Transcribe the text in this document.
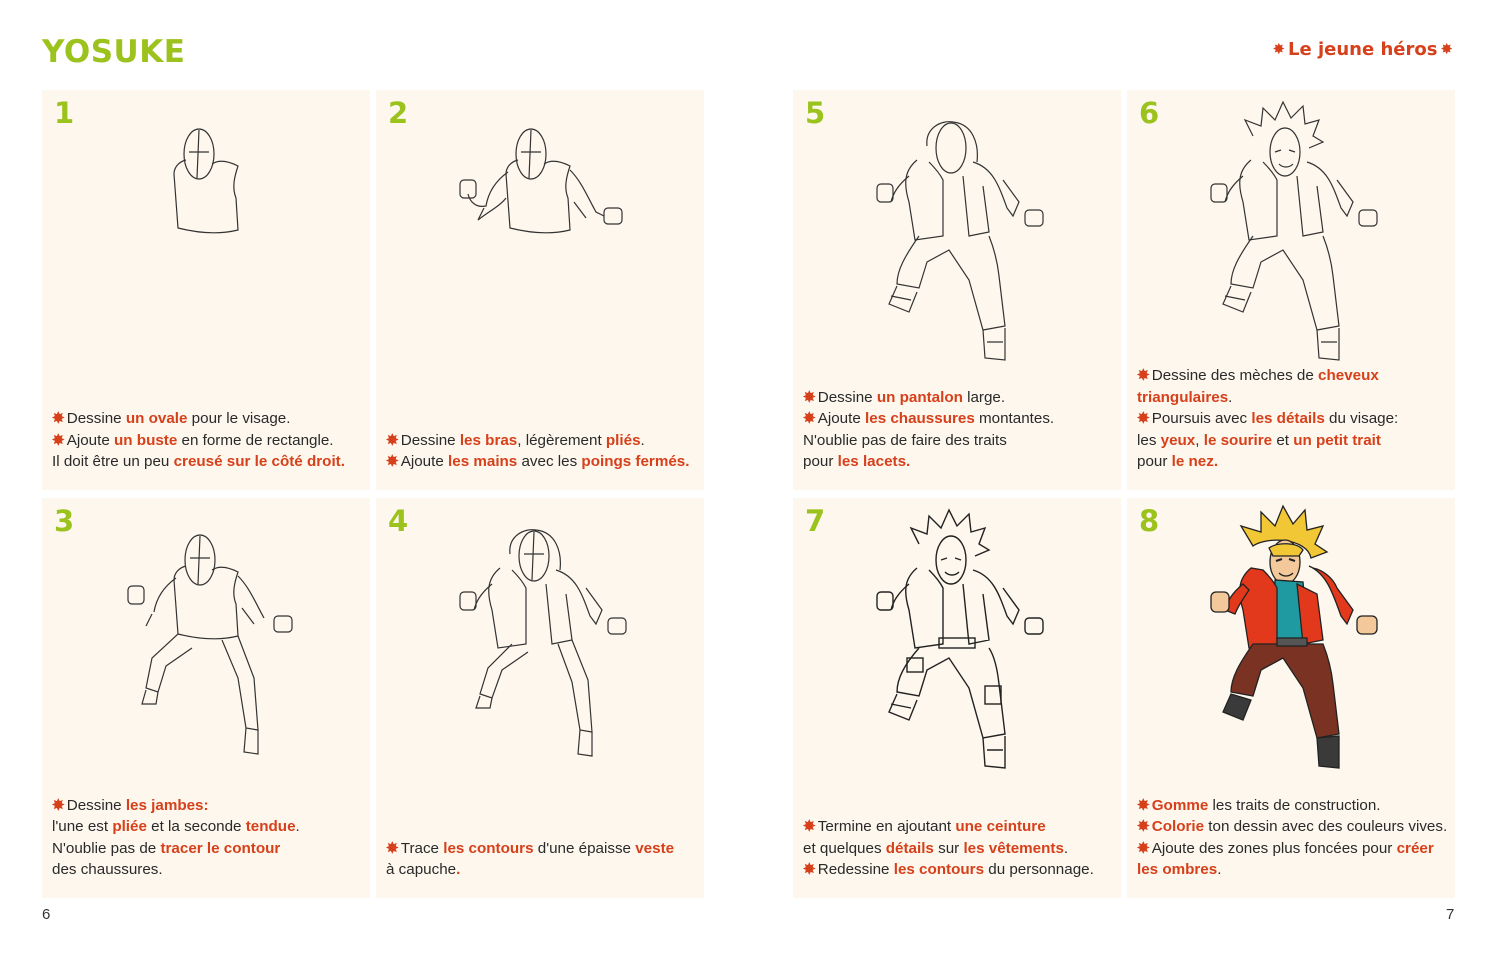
YOSUKE	✸ Le jeune héros ✸
1
✸ Dessine un ovale pour le visage.
✸ Ajoute un buste en forme de rectangle.
Il doit être un peu creusé sur le côté droit.
2
✸ Dessine les bras, légèrement pliés.
✸ Ajoute les mains avec les poings fermés.
3
✸ Dessine les jambes:
l'une est pliée et la seconde tendue.
N'oublie pas de tracer le contour
des chaussures.
4
✸ Trace les contours d'une épaisse veste
à capuche.
5
✸ Dessine un pantalon large.
✸ Ajoute les chaussures montantes.
N'oublie pas de faire des traits
pour les lacets.
6
✸ Dessine des mèches de cheveux
triangulaires.
✸ Poursuis avec les détails du visage:
les yeux, le sourire et un petit trait
pour le nez.
7
✸ Termine en ajoutant une ceinture
et quelques détails sur les vêtements.
✸ Redessine les contours du personnage.
8
✸ Gomme les traits de construction.
✸ Colorie ton dessin avec des couleurs vives.
✸ Ajoute des zones plus foncées pour créer
les ombres.
6	7
